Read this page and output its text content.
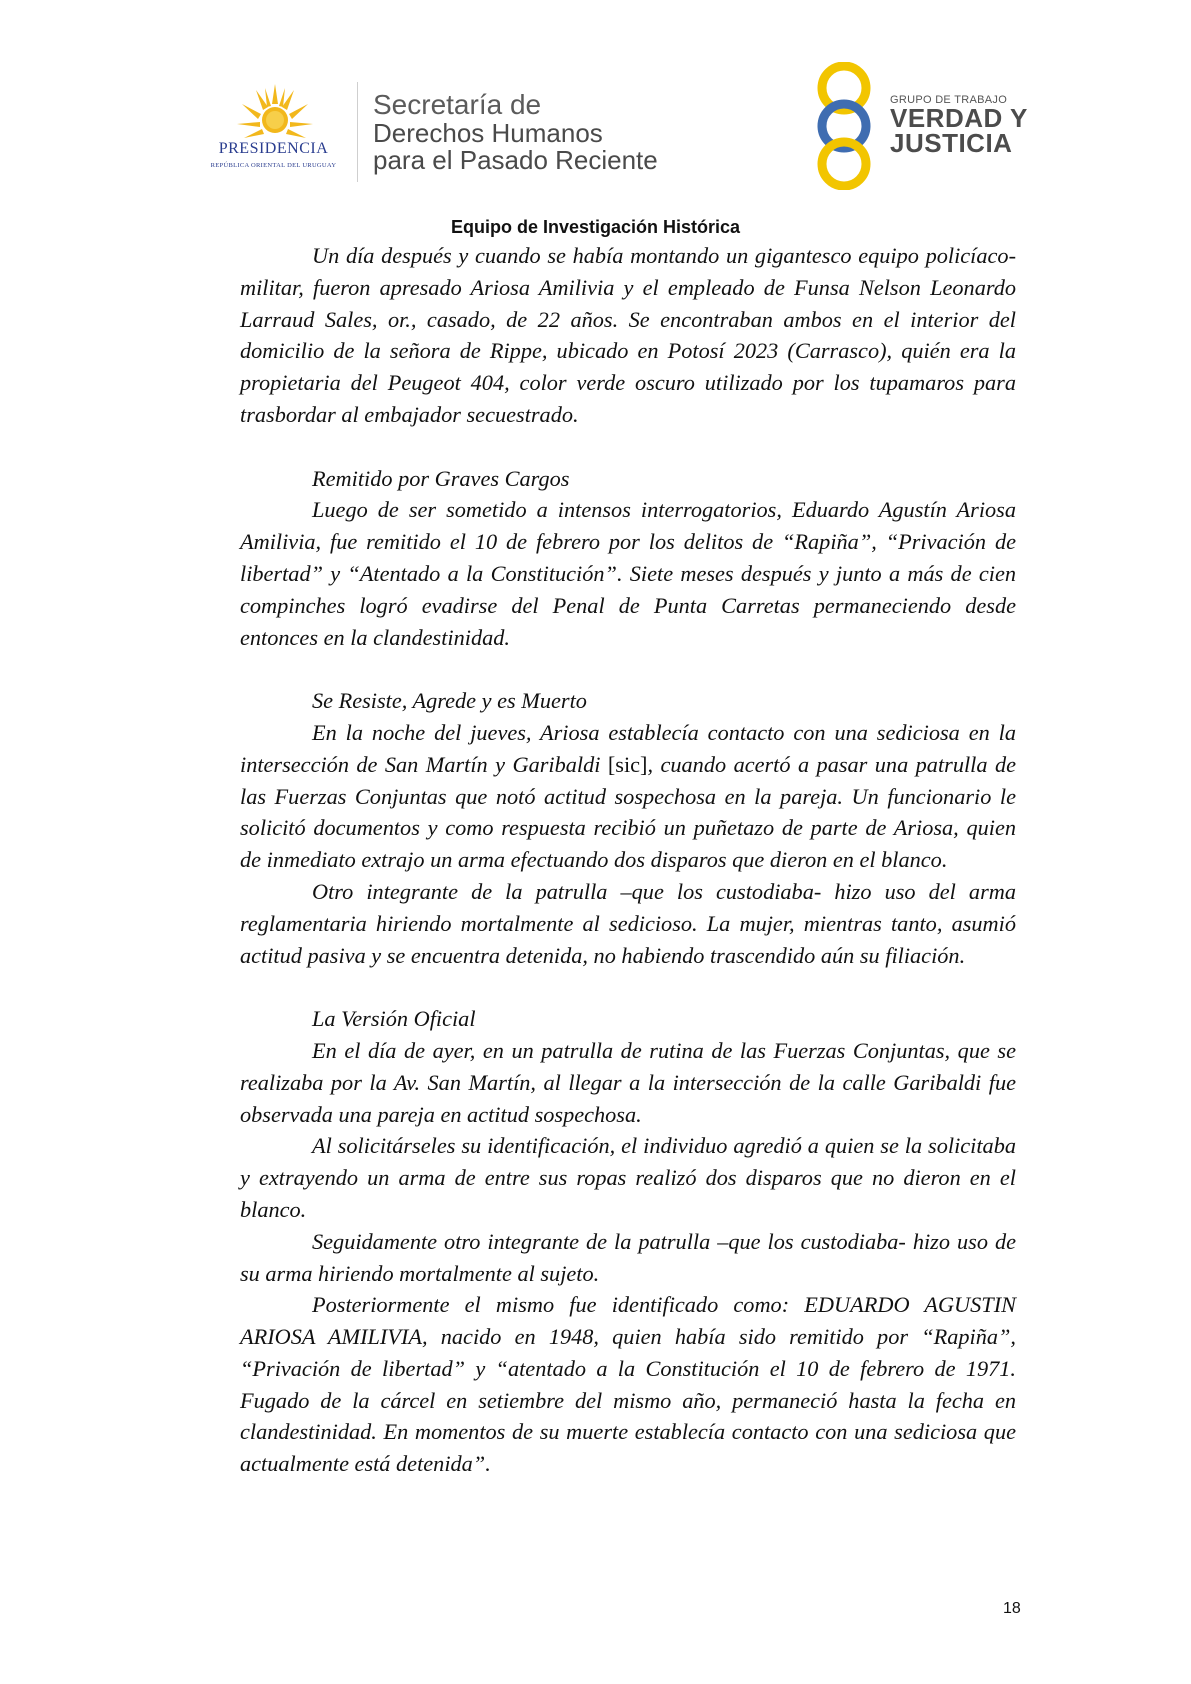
PRESIDENCIA
REPÚBLICA ORIENTAL DEL URUGUAY
Secretaría de
Derechos Humanos
para el Pasado Reciente
GRUPO DE TRABAJO
VERDAD Y
JUSTICIA
Equipo de Investigación Histórica

Un día después y cuando se había montando un gigantesco equipo policíaco-militar, fueron apresado Ariosa Amilivia y el empleado de Funsa Nelson Leonardo Larraud Sales, or., casado, de 22 años. Se encontraban ambos en el interior del domicilio de la señora de Rippe, ubicado en Potosí 2023 (Carrasco), quién era la propietaria del Peugeot 404, color verde oscuro utilizado por los tupamaros para trasbordar al embajador secuestrado.

Remitido por Graves Cargos

Luego de ser sometido a intensos interrogatorios, Eduardo Agustín Ariosa Amilivia, fue remitido el 10 de febrero por los delitos de “Rapiña”, “Privación de libertad” y “Atentado a la Constitución”. Siete meses después y junto a más de cien compinches logró evadirse del Penal de Punta Carretas permaneciendo desde entonces en la clandestinidad.

Se Resiste, Agrede y es Muerto

En la noche del jueves, Ariosa establecía contacto con una sediciosa en la intersección de San Martín y Garibaldi [sic], cuando acertó a pasar una patrulla de las Fuerzas Conjuntas que notó actitud sospechosa en la pareja. Un funcionario le solicitó documentos y como respuesta recibió un puñetazo de parte de Ariosa, quien de inmediato extrajo un arma efectuando dos disparos que dieron en el blanco.

Otro integrante de la patrulla –que los custodiaba- hizo uso del arma reglamentaria hiriendo mortalmente al sedicioso. La mujer, mientras tanto, asumió actitud pasiva y se encuentra detenida, no habiendo trascendido aún su filiación.

La Versión Oficial

En el día de ayer, en un patrulla de rutina de las Fuerzas Conjuntas, que se realizaba por la Av. San Martín, al llegar a la intersección de la calle Garibaldi fue observada una pareja en actitud sospechosa.

Al solicitárseles su identificación, el individuo agredió a quien se la solicitaba y extrayendo un arma de entre sus ropas realizó dos disparos que no dieron en el blanco.

Seguidamente otro integrante de la patrulla –que los custodiaba- hizo uso de su arma hiriendo mortalmente al sujeto.

Posteriormente el mismo fue identificado como: EDUARDO AGUSTIN ARIOSA AMILIVIA, nacido en 1948, quien había sido remitido por “Rapiña”, “Privación de libertad” y “atentado a la Constitución el 10 de febrero de 1971. Fugado de la cárcel en setiembre del mismo año, permaneció hasta la fecha en clandestinidad. En momentos de su muerte establecía contacto con una sediciosa que actualmente está detenida”.

18
